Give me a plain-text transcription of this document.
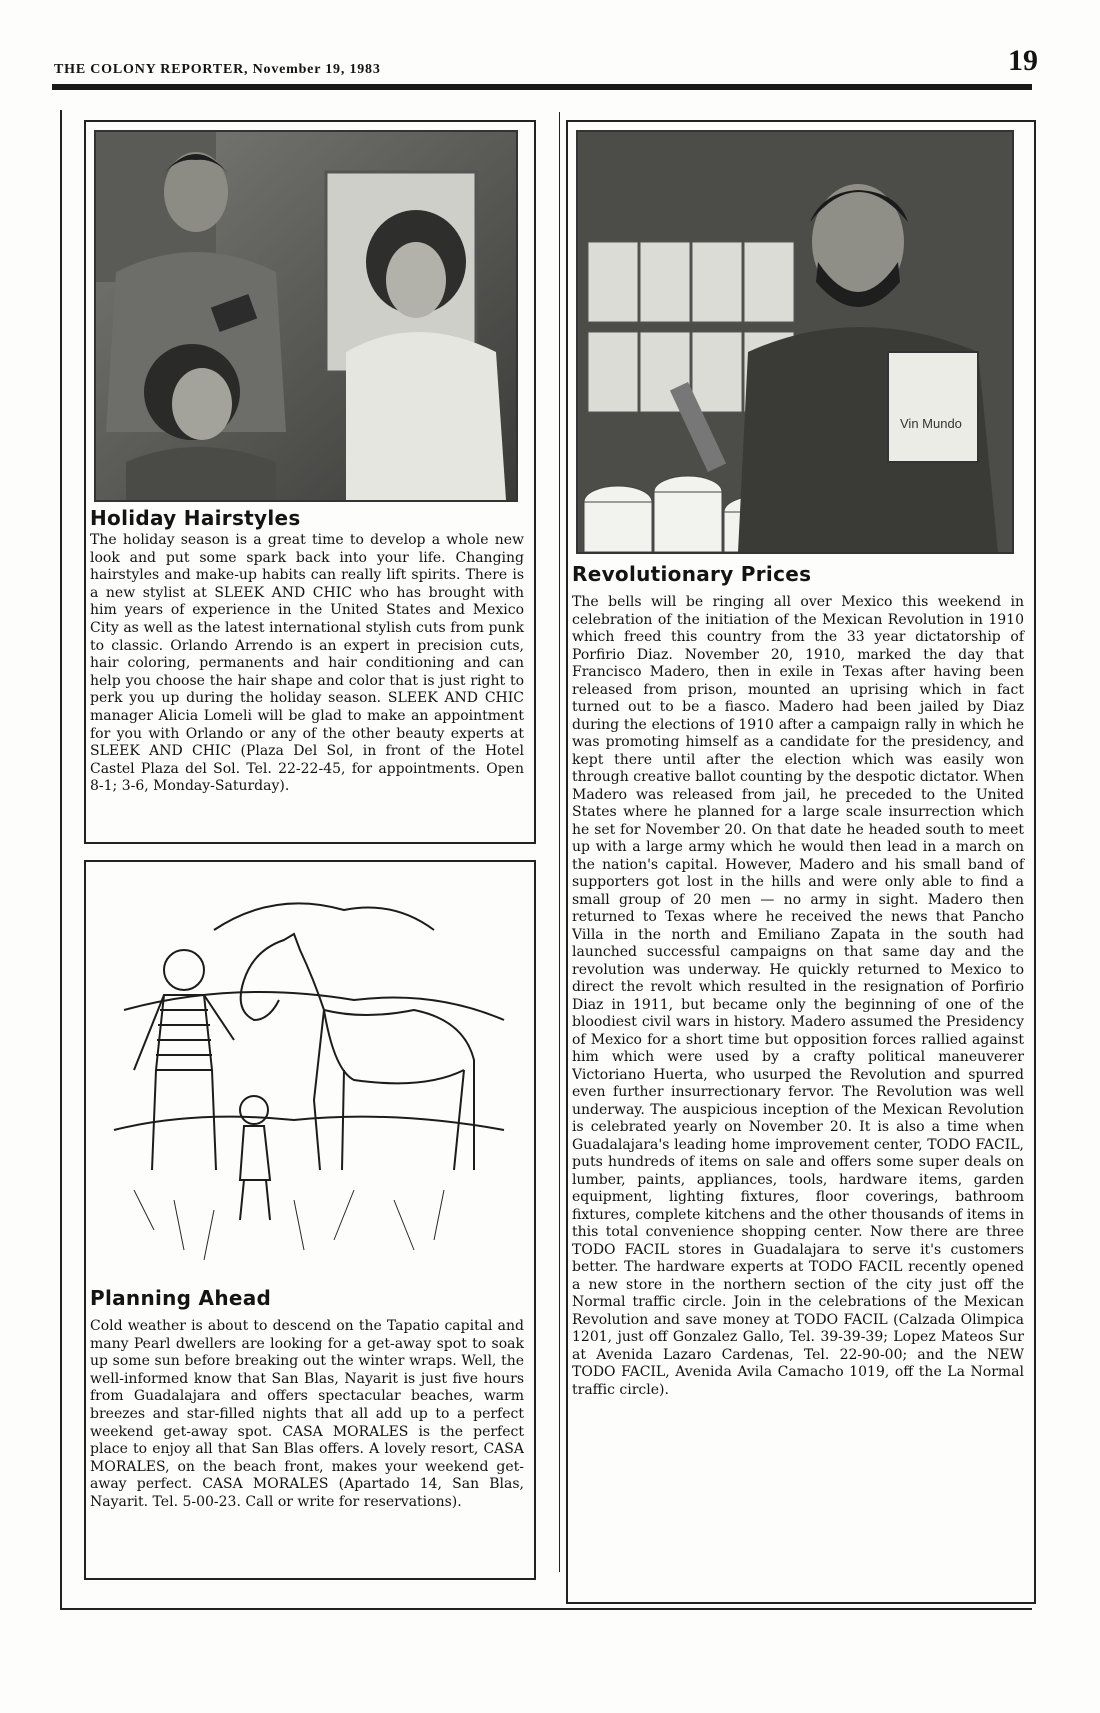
THE COLONY REPORTER, November 19, 1983	19
Holiday Hairstyles
The holiday season is a great time to develop a whole new look and put some spark back into your life. Changing hairstyles and make-up habits can really lift spirits. There is a new stylist at SLEEK AND CHIC who has brought with him years of experience in the United States and Mexico City as well as the latest international stylish cuts from punk to classic. Orlando Arrendo is an expert in precision cuts, hair coloring, permanents and hair conditioning and can help you choose the hair shape and color that is just right to perk you up during the holiday season. SLEEK AND CHIC manager Alicia Lomeli will be glad to make an appointment for you with Orlando or any of the other beauty experts at SLEEK AND CHIC (Plaza Del Sol, in front of the Hotel Castel Plaza del Sol. Tel. 22-22-45, for appointments. Open 8-1; 3-6, Monday-Saturday).
Planning Ahead
Cold weather is about to descend on the Tapatio capital and many Pearl dwellers are looking for a get-away spot to soak up some sun before breaking out the winter wraps. Well, the well-informed know that San Blas, Nayarit is just five hours from Guadalajara and offers spectacular beaches, warm breezes and star-filled nights that all add up to a perfect weekend get-away spot. CASA MORALES is the perfect place to enjoy all that San Blas offers. A lovely resort, CASA MORALES, on the beach front, makes your weekend get-away perfect. CASA MORALES (Apartado 14, San Blas, Nayarit. Tel. 5-00-23. Call or write for reservations).
Vin Mundo
Revolutionary Prices
The bells will be ringing all over Mexico this weekend in celebration of the initiation of the Mexican Revolution in 1910 which freed this country from the 33 year dictatorship of Porfirio Diaz. November 20, 1910, marked the day that Francisco Madero, then in exile in Texas after having been released from prison, mounted an uprising which in fact turned out to be a fiasco. Madero had been jailed by Diaz during the elections of 1910 after a campaign rally in which he was promoting himself as a candidate for the presidency, and kept there until after the election which was easily won through creative ballot counting by the despotic dictator. When Madero was released from jail, he preceded to the United States where he planned for a large scale insurrection which he set for November 20. On that date he headed south to meet up with a large army which he would then lead in a march on the nation's capital. However, Madero and his small band of supporters got lost in the hills and were only able to find a small group of 20 men — no army in sight. Madero then returned to Texas where he received the news that Pancho Villa in the north and Emiliano Zapata in the south had launched successful campaigns on that same day and the revolution was underway. He quickly returned to Mexico to direct the revolt which resulted in the resignation of Porfirio Diaz in 1911, but became only the beginning of one of the bloodiest civil wars in history. Madero assumed the Presidency of Mexico for a short time but opposition forces rallied against him which were used by a crafty political maneuverer Victoriano Huerta, who usurped the Revolution and spurred even further insurrectionary fervor. The Revolution was well underway. The auspicious inception of the Mexican Revolution is celebrated yearly on November 20. It is also a time when Guadalajara's leading home improvement center, TODO FACIL, puts hundreds of items on sale and offers some super deals on lumber, paints, appliances, tools, hardware items, garden equipment, lighting fixtures, floor coverings, bathroom fixtures, complete kitchens and the other thousands of items in this total convenience shopping center. Now there are three TODO FACIL stores in Guadalajara to serve it's customers better. The hardware experts at TODO FACIL recently opened a new store in the northern section of the city just off the Normal traffic circle. Join in the celebrations of the Mexican Revolution and save money at TODO FACIL (Calzada Olimpica 1201, just off Gonzalez Gallo, Tel. 39-39-39; Lopez Mateos Sur at Avenida Lazaro Cardenas, Tel. 22-90-00; and the NEW TODO FACIL, Avenida Avila Camacho 1019, off the La Normal traffic circle).
